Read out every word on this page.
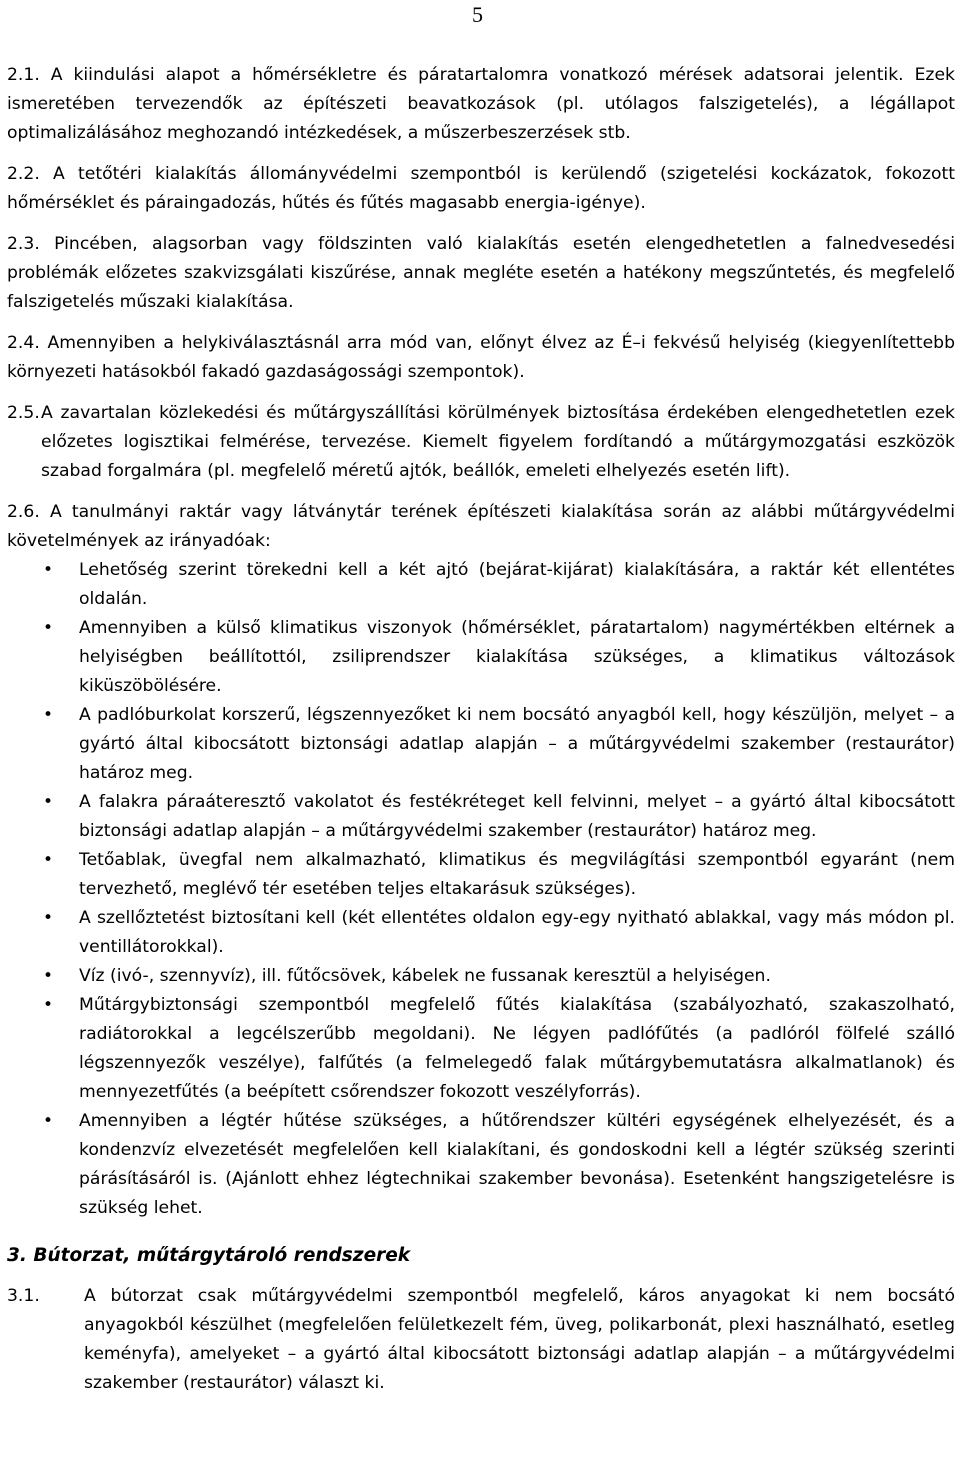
5

2.1. A kiindulási alapot a hőmérsékletre és páratartalomra vonatkozó mérések adatsorai jelentik. Ezek ismeretében tervezendők az építészeti beavatkozások (pl. utólagos falszigetelés), a légállapot optimalizálásához meghozandó intézkedések, a műszerbeszerzések stb.

2.2. A tetőtéri kialakítás állományvédelmi szempontból is kerülendő (szigetelési kockázatok, fokozott hőmérséklet és páraingadozás, hűtés és fűtés magasabb energia-igénye).

2.3. Pincében, alagsorban vagy földszinten való kialakítás esetén elengedhetetlen a falnedvesedési problémák előzetes szakvizsgálati kiszűrése, annak megléte esetén a hatékony megszűntetés, és megfelelő falszigetelés műszaki kialakítása.

2.4. Amennyiben a helykiválasztásnál arra mód van, előnyt élvez az É–i fekvésű helyiség (kiegyenlítettebb környezeti hatásokból fakadó gazdaságossági szempontok).

2.5. A zavartalan közlekedési és műtárgyszállítási körülmények biztosítása érdekében elengedhetetlen ezek előzetes logisztikai felmérése, tervezése. Kiemelt figyelem fordítandó a műtárgymozgatási eszközök szabad forgalmára (pl. megfelelő méretű ajtók, beállók, emeleti elhelyezés esetén lift).

2.6. A tanulmányi raktár vagy látványtár terének építészeti kialakítása során az alábbi műtárgyvédelmi követelmények az irányadóak:

• Lehetőség szerint törekedni kell a két ajtó (bejárat-kijárat) kialakítására, a raktár két ellentétes oldalán.
• Amennyiben a külső klimatikus viszonyok (hőmérséklet, páratartalom) nagymértékben eltérnek a helyiségben beállítottól, zsiliprendszer kialakítása szükséges, a klimatikus változások kiküszöbölésére.
• A padlóburkolat korszerű, légszennyezőket ki nem bocsátó anyagból kell, hogy készüljön, melyet – a gyártó által kibocsátott biztonsági adatlap alapján – a műtárgyvédelmi szakember (restaurátor) határoz meg.
• A falakra páraáteresztő vakolatot és festékréteget kell felvinni, melyet – a gyártó által kibocsátott biztonsági adatlap alapján – a műtárgyvédelmi szakember (restaurátor) határoz meg.
• Tetőablak, üvegfal nem alkalmazható, klimatikus és megvilágítási szempontból egyaránt (nem tervezhető, meglévő tér esetében teljes eltakarásuk szükséges).
• A szellőztetést biztosítani kell (két ellentétes oldalon egy-egy nyitható ablakkal, vagy más módon pl. ventillátorokkal).
• Víz (ivó-, szennyvíz), ill. fűtőcsövek, kábelek ne fussanak keresztül a helyiségen.
• Műtárgybiztonsági szempontból megfelelő fűtés kialakítása (szabályozható, szakaszolható, radiátorokkal a legcélszerűbb megoldani). Ne légyen padlófűtés (a padlóról fölfelé szálló légszennyezők veszélye), falfűtés (a felmelegedő falak műtárgybemutatásra alkalmatlanok) és mennyezetfűtés (a beépített csőrendszer fokozott veszélyforrás).
• Amennyiben a légtér hűtése szükséges, a hűtőrendszer kültéri egységének elhelyezését, és a kondenzvíz elvezetését megfelelően kell kialakítani, és gondoskodni kell a légtér szükség szerinti párásításáról is. (Ajánlott ehhez légtechnikai szakember bevonása). Esetenként hangszigetelésre is szükség lehet.

3. Bútorzat, műtárgytároló rendszerek

3.1.	A bútorzat csak műtárgyvédelmi szempontból megfelelő, káros anyagokat ki nem bocsátó anyagokból készülhet (megfelelően felületkezelt fém, üveg, polikarbonát, plexi használható, esetleg keményfa), amelyeket – a gyártó által kibocsátott biztonsági adatlap alapján – a műtárgyvédelmi szakember (restaurátor) választ ki.
